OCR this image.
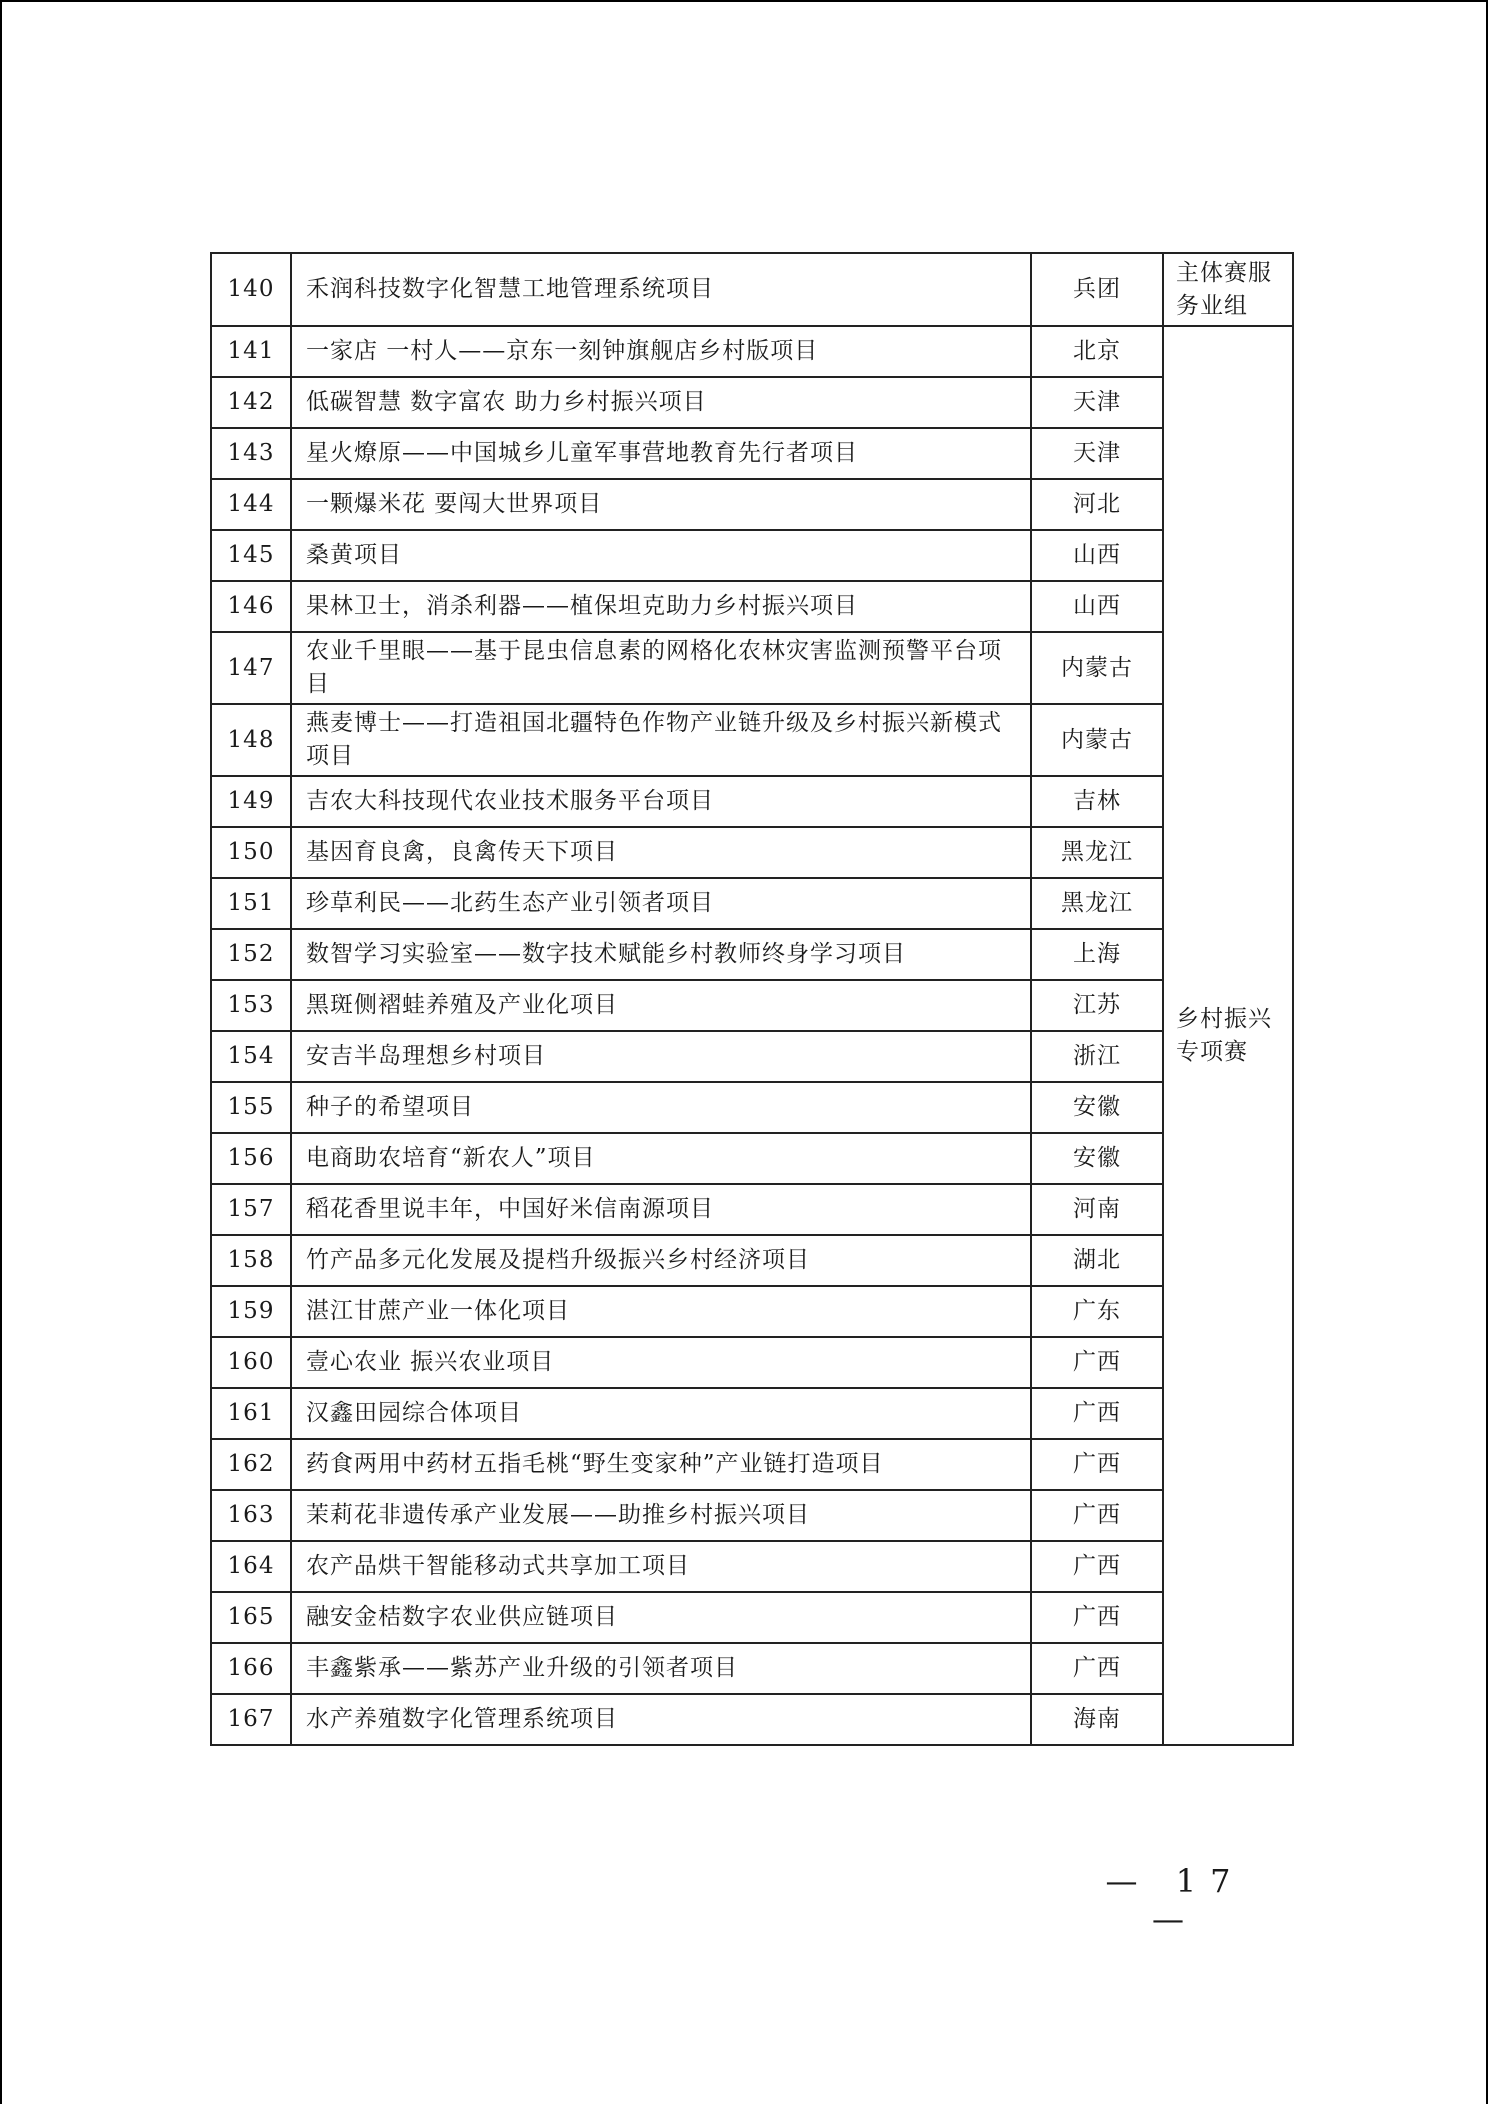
140	禾润科技数字化智慧工地管理系统项目	兵团	主体赛服务业组
141	一家店 一村人——京东一刻钟旗舰店乡村版项目	北京	乡村振兴专项赛
142	低碳智慧 数字富农 助力乡村振兴项目	天津	
143	星火燎原——中国城乡儿童军事营地教育先行者项目	天津	
144	一颗爆米花 要闯大世界项目	河北	
145	桑黄项目	山西	
146	果林卫士，消杀利器——植保坦克助力乡村振兴项目	山西	
147	农业千里眼——基于昆虫信息素的网格化农林灾害监测预警平台项目	内蒙古	
148	燕麦博士——打造祖国北疆特色作物产业链升级及乡村振兴新模式项目	内蒙古	
149	吉农大科技现代农业技术服务平台项目	吉林	
150	基因育良禽，良禽传天下项目	黑龙江	
151	珍草利民——北药生态产业引领者项目	黑龙江	
152	数智学习实验室——数字技术赋能乡村教师终身学习项目	上海	
153	黑斑侧褶蛙养殖及产业化项目	江苏	
154	安吉半岛理想乡村项目	浙江	
155	种子的希望项目	安徽	
156	电商助农培育“新农人”项目	安徽	
157	稻花香里说丰年，中国好米信南源项目	河南	
158	竹产品多元化发展及提档升级振兴乡村经济项目	湖北	
159	湛江甘蔗产业一体化项目	广东	
160	壹心农业 振兴农业项目	广西	
161	汉鑫田园综合体项目	广西	
162	药食两用中药材五指毛桃“野生变家种”产业链打造项目	广西	
163	茉莉花非遗传承产业发展——助推乡村振兴项目	广西	
164	农产品烘干智能移动式共享加工项目	广西	
165	融安金桔数字农业供应链项目	广西	
166	丰鑫紫承——紫苏产业升级的引领者项目	广西	
167	水产养殖数字化管理系统项目	海南	
— 17 —
